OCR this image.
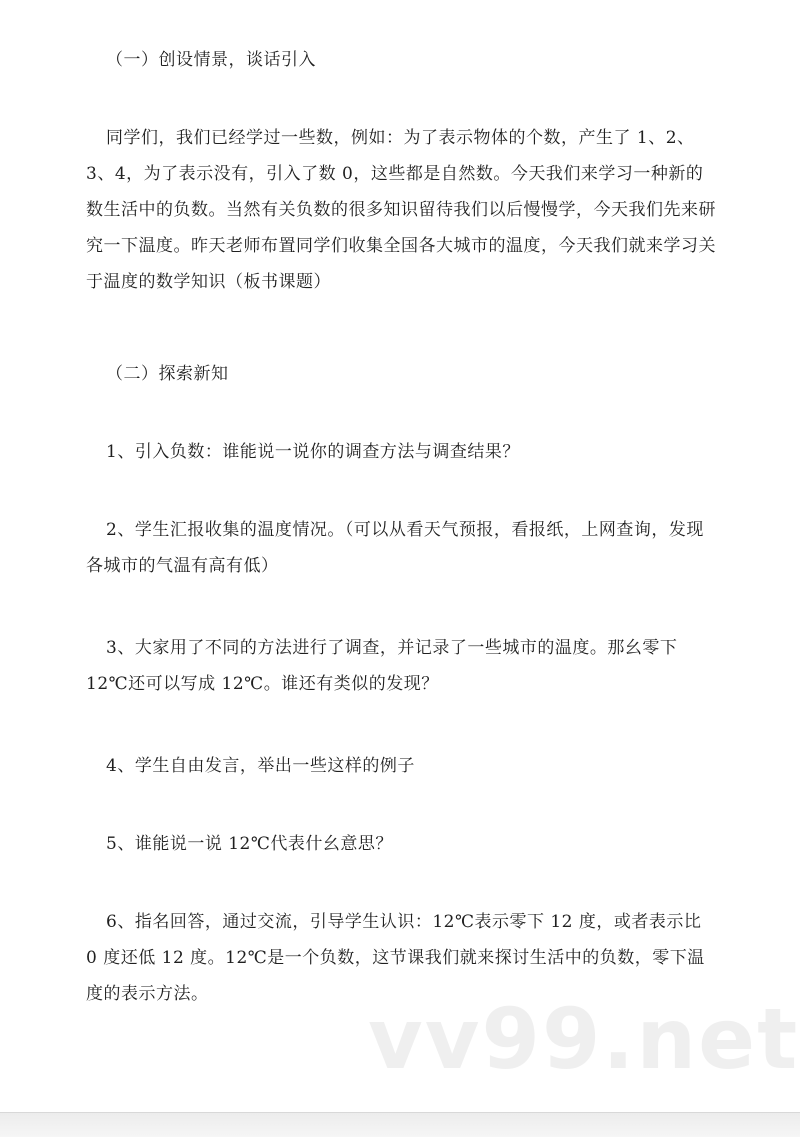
（一）创设情景，谈话引入
同学们，我们已经学过一些数，例如：为了表示物体的个数，产生了 1、2、3、4，为了表示没有，引入了数 0，这些都是自然数。今天我们来学习一种新的数生活中的负数。当然有关负数的很多知识留待我们以后慢慢学，今天我们先来研究一下温度。昨天老师布置同学们收集全国各大城市的温度，今天我们就来学习关于温度的数学知识（板书课题）
（二）探索新知
1、引入负数：谁能说一说你的调查方法与调查结果？
2、学生汇报收集的温度情况。（可以从看天气预报，看报纸，上网查询，发现各城市的气温有高有低）
3、大家用了不同的方法进行了调查，并记录了一些城市的温度。那幺零下 12℃还可以写成 12℃。谁还有类似的发现？
4、学生自由发言，举出一些这样的例子
5、谁能说一说 12℃代表什幺意思？
6、指名回答，通过交流，引导学生认识：12℃表示零下 12 度，或者表示比 0 度还低 12 度。12℃是一个负数，这节课我们就来探讨生活中的负数，零下温度的表示方法。	vv99.net
